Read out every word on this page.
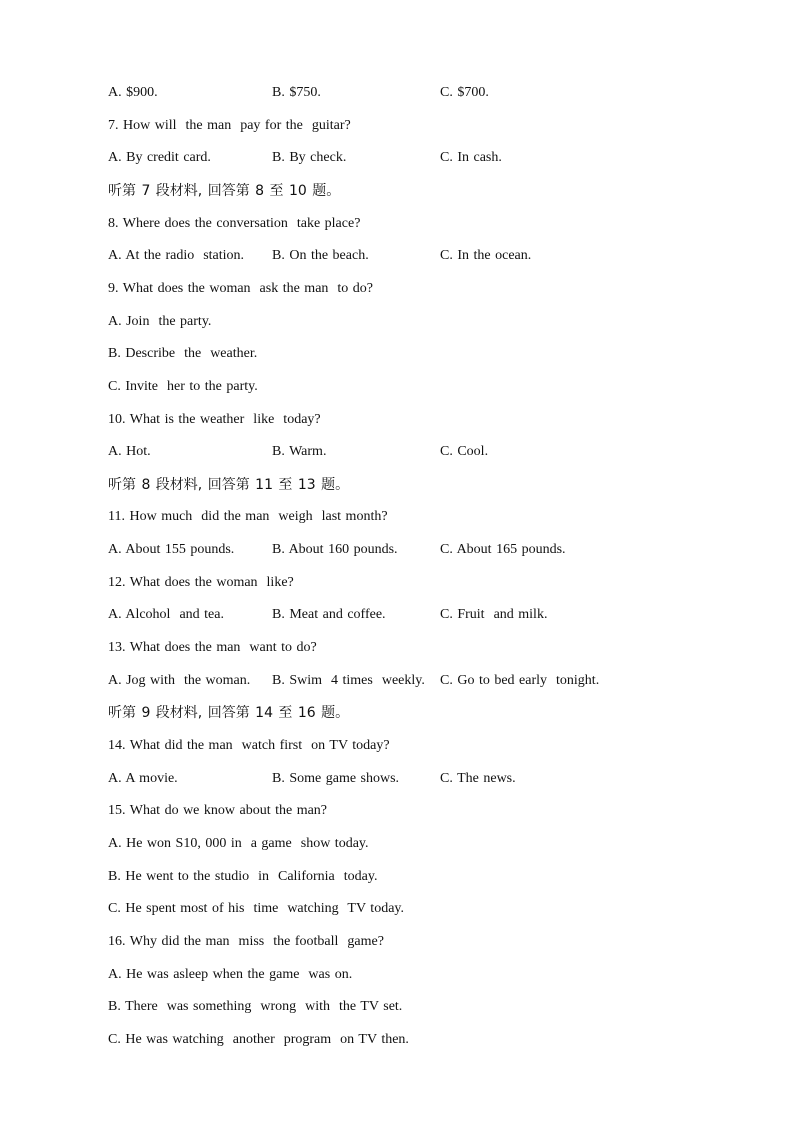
A. $900.	B. $750.	C. $700.
7. How will  the man  pay for the  guitar?
A. By credit card.	B. By check.	C. In cash.
听第 7 段材料, 回答第 8 至 10 题。
8. Where does the conversation  take place?
A. At the radio  station. B. On the beach.	C. In the ocean.
9. What does the woman  ask the man  to do?
A. Join  the party.
B. Describe  the  weather.
C. Invite  her to the party.
10. What is the weather  like  today?
A. Hot.	B. Warm.	C. Cool.
听第 8 段材料, 回答第 11 至 13 题。
11. How much  did the man  weigh  last month?
A. About 155 pounds.	B. About 160 pounds.	C. About 165 pounds.
12. What does the woman  like?
A. Alcohol  and tea.	B. Meat and coffee.	C. Fruit  and milk.
13. What does the man  want to do?
A. Jog with  the woman. B. Swim  4 times  weekly. C. Go to bed early  tonight.
听第 9 段材料, 回答第 14 至 16 题。
14. What did the man  watch first  on TV today?
A. A movie.	B. Some game shows.	C. The news.
15. What do we know about the man?
A. He won S10, 000 in  a game  show today.
B. He went to the studio  in  California  today.
C. He spent most of his  time  watching  TV today.
16. Why did the man  miss  the football  game?
A. He was asleep when the game  was on.
B. There  was something  wrong  with  the TV set.
C. He was watching  another  program  on TV then.
